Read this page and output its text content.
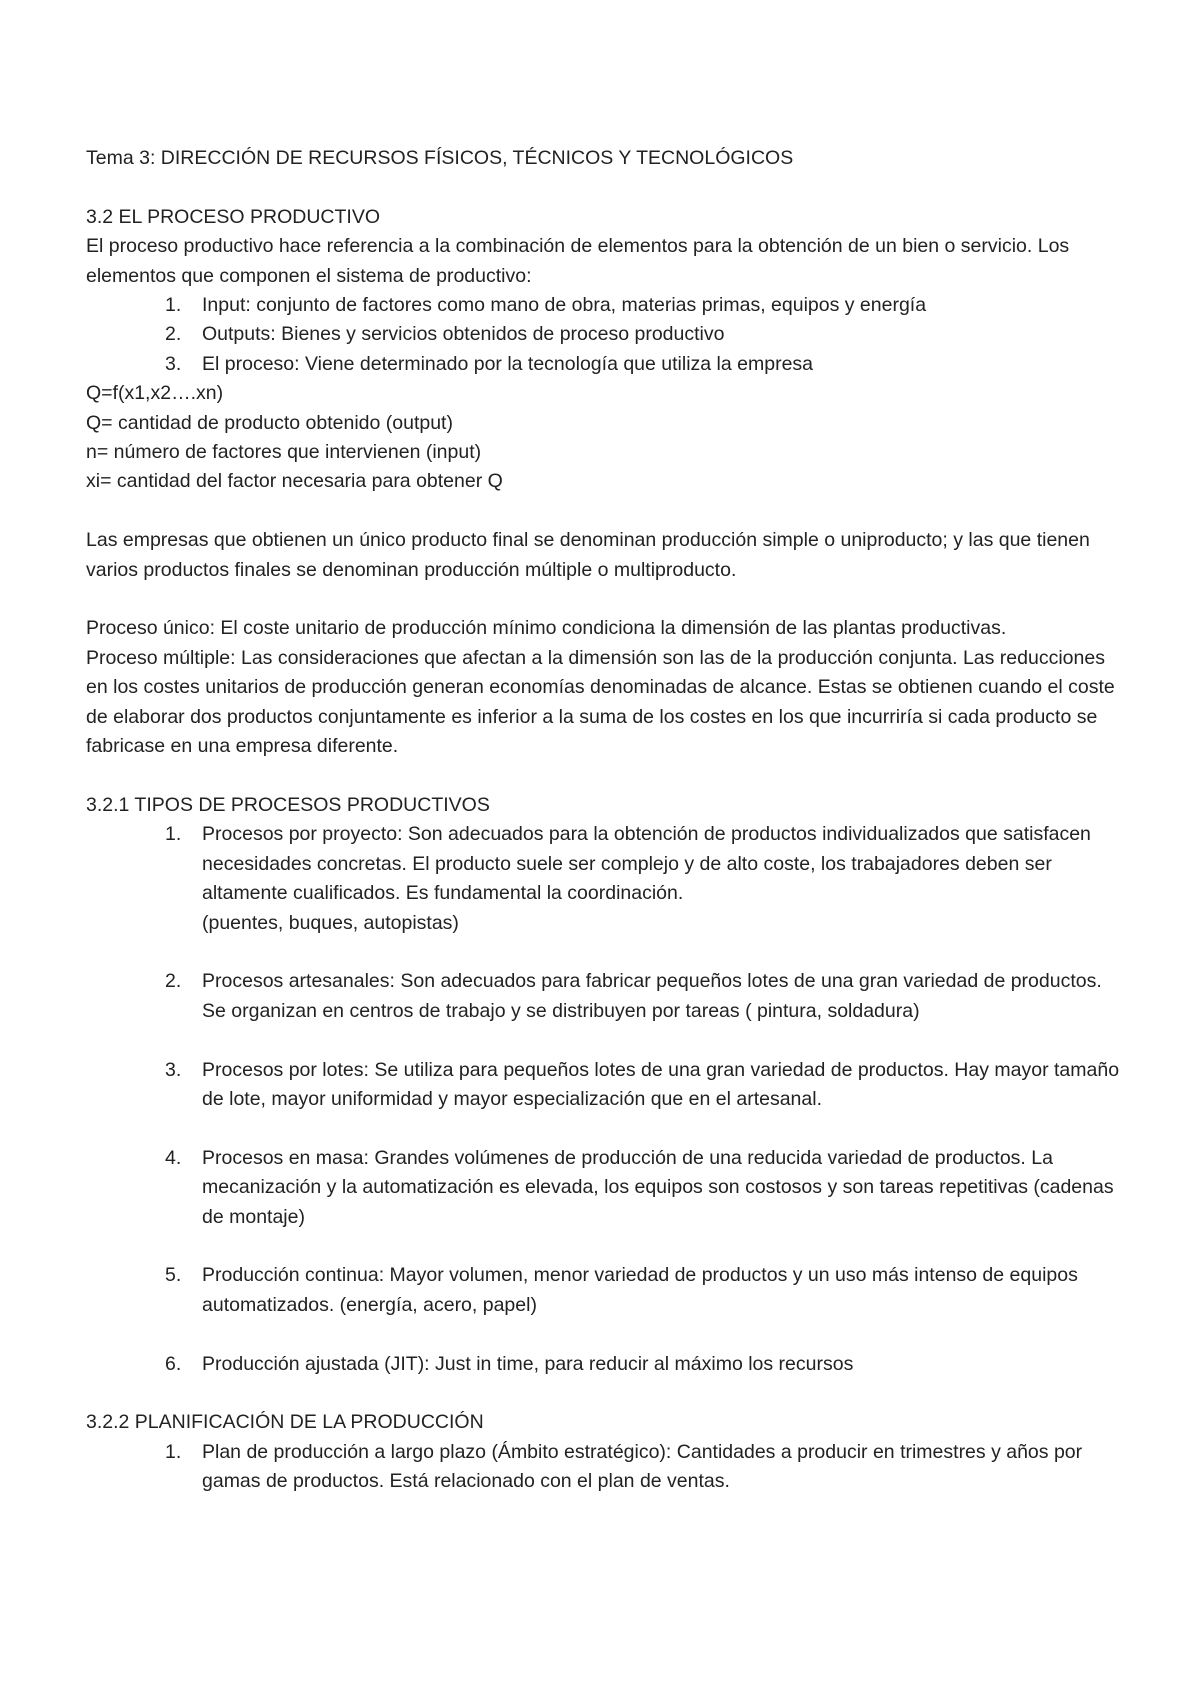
Tema 3: DIRECCIÓN DE RECURSOS FÍSICOS, TÉCNICOS Y TECNOLÓGICOS

3.2 EL PROCESO PRODUCTIVO

El proceso productivo hace referencia a la combinación de elementos para la obtención de un bien o servicio. Los elementos que componen el sistema de productivo:

1.	Input: conjunto de factores como mano de obra, materias primas, equipos y energía
2.	Outputs: Bienes y servicios obtenidos de proceso productivo
3.	El proceso: Viene determinado por la tecnología que utiliza la empresa

Q=f(x1,x2….xn)

Q= cantidad de producto obtenido (output)

n= número de factores que intervienen (input)

xi= cantidad del factor necesaria para obtener Q

Las empresas que obtienen un único producto final se denominan producción simple o uniproducto; y las que tienen varios productos finales se denominan producción múltiple o multiproducto.

Proceso único: El coste unitario de producción mínimo condiciona la dimensión de las plantas productivas.

Proceso múltiple: Las consideraciones que afectan a la dimensión son las de la producción conjunta. Las reducciones en los costes unitarios de producción generan economías denominadas de alcance. Estas se obtienen cuando el coste de elaborar dos productos conjuntamente es inferior a la suma de los costes en los que incurriría si cada producto se fabricase en una empresa diferente.

3.2.1 TIPOS DE PROCESOS PRODUCTIVOS

1.	Procesos por proyecto: Son adecuados para la obtención de productos individualizados que satisfacen necesidades concretas. El producto suele ser complejo y de alto coste, los trabajadores deben ser altamente cualificados. Es fundamental la coordinación.
(puentes, buques, autopistas)
2.	Procesos artesanales: Son adecuados para fabricar pequeños lotes de una gran variedad de productos. Se organizan en centros de trabajo y se distribuyen por tareas ( pintura, soldadura)
3.	Procesos por lotes: Se utiliza para pequeños lotes de una gran variedad de productos. Hay mayor tamaño de lote, mayor uniformidad y mayor especialización que en el artesanal.
4.	Procesos en masa: Grandes volúmenes de producción de una reducida variedad de productos. La mecanización y la automatización es elevada, los equipos son costosos y son tareas repetitivas (cadenas de montaje)
5.	Producción continua: Mayor volumen, menor variedad de productos y un uso más intenso de equipos automatizados. (energía, acero, papel)
6.	Producción ajustada (JIT): Just in time, para reducir al máximo los recursos

3.2.2 PLANIFICACIÓN DE LA PRODUCCIÓN

1.	Plan de producción a largo plazo (Ámbito estratégico): Cantidades a producir en trimestres y años por gamas de productos. Está relacionado con el plan de ventas.
